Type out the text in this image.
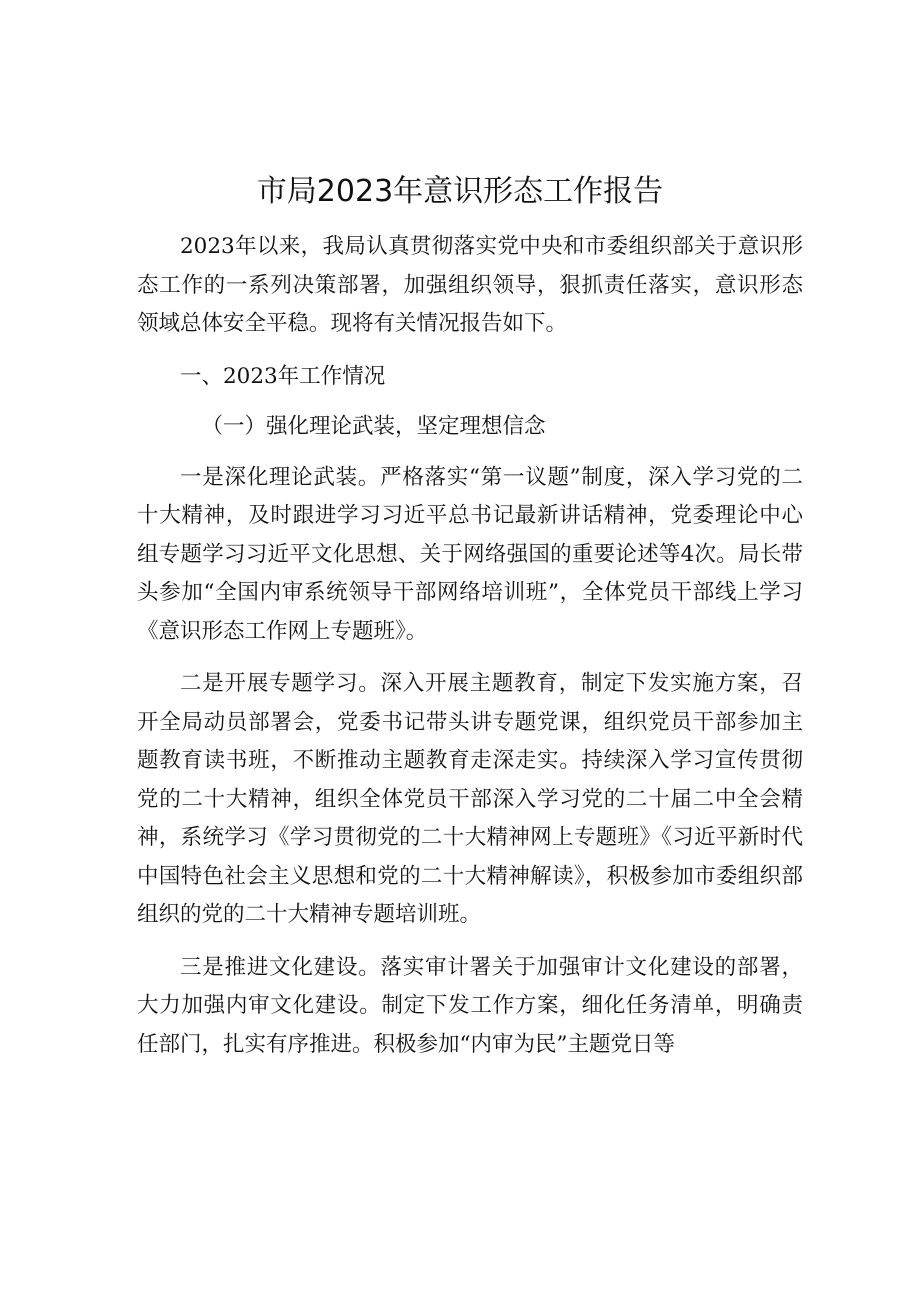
市局2023年意识形态工作报告

2023年以来，我局认真贯彻落实党中央和市委组织部关于意识形态工作的一系列决策部署，加强组织领导，狠抓责任落实，意识形态领域总体安全平稳。现将有关情况报告如下。

一、2023年工作情况

（一）强化理论武装，坚定理想信念

一是深化理论武装。严格落实“第一议题”制度，深入学习党的二十大精神，及时跟进学习习近平总书记最新讲话精神，党委理论中心组专题学习习近平文化思想、关于网络强国的重要论述等4次。局长带头参加“全国内审系统领导干部网络培训班”，全体党员干部线上学习《意识形态工作网上专题班》。

二是开展专题学习。深入开展主题教育，制定下发实施方案，召开全局动员部署会，党委书记带头讲专题党课，组织党员干部参加主题教育读书班，不断推动主题教育走深走实。持续深入学习宣传贯彻党的二十大精神，组织全体党员干部深入学习党的二十届二中全会精神，系统学习《学习贯彻党的二十大精神网上专题班》《习近平新时代中国特色社会主义思想和党的二十大精神解读》，积极参加市委组织部组织的党的二十大精神专题培训班。

三是推进文化建设。落实审计署关于加强审计文化建设的部署，大力加强内审文化建设。制定下发工作方案，细化任务清单，明确责任部门，扎实有序推进。积极参加“内审为民”主题党日等
